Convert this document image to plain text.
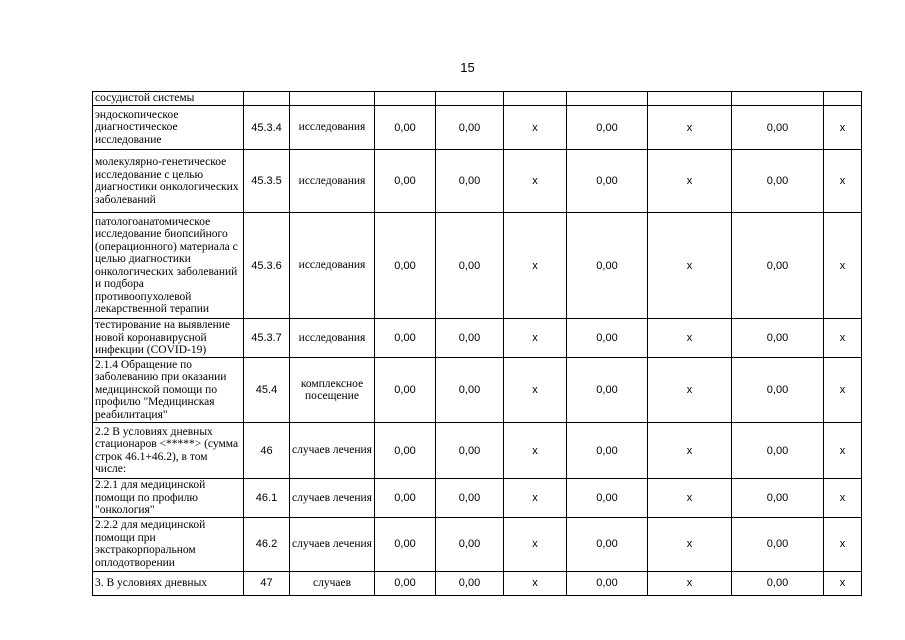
15
сосудистой системы									
эндоскопическое диагностическое исследование	45.3.4	исследования	0,00	0,00	х	0,00	х	0,00	х
молекулярно-генетическое исследование с целью диагностики онкологических заболеваний	45.3.5	исследования	0,00	0,00	х	0,00	х	0,00	х
патологоанатомическое исследование биопсийного (операционного) материала с целью диагностики онкологических заболеваний и подбора противоопухолевой лекарственной терапии	45.3.6	исследования	0,00	0,00	х	0,00	х	0,00	х
тестирование на выявление новой коронавирусной инфекции (COVID-19)	45.3.7	исследования	0,00	0,00	х	0,00	х	0,00	х
2.1.4 Обращение по заболеванию при оказании медицинской помощи по профилю "Медицинская реабилитация"	45.4	комплексное посещение	0,00	0,00	х	0,00	х	0,00	х
2.2 В условиях дневных стационаров <*****> (сумма строк 46.1+46.2), в том числе:	46	случаев лечения	0,00	0,00	х	0,00	х	0,00	х
2.2.1 для медицинской помощи по профилю "онкология"	46.1	случаев лечения	0,00	0,00	х	0,00	х	0,00	х
2.2.2 для медицинской помощи при экстракорпоральном оплодотворении	46.2	случаев лечения	0,00	0,00	х	0,00	х	0,00	х
3. В условиях дневных	47	случаев	0,00	0,00	х	0,00	х	0,00	х
